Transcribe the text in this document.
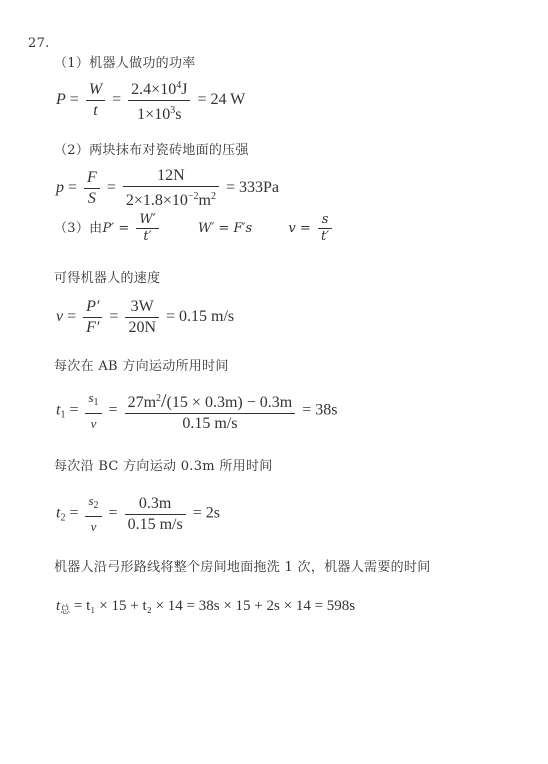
27.
（1）机器人做功的功率
$P = \frac{W}{t} = \frac{2.4\times 10^4J}{1\times 10^3s} = 24$ W
（2）两块抹布对瓷砖地面的压强
$p = \frac{F}{S} = \frac{12N}{2\times 1.8\times 10^{-2}m^2} = 333Pa$
（3）由$P' = \frac{W'}{t'}$	W′ = F′s	$v = \frac{s}{t'}$
可得机器人的速度
$v = \frac{P'}{F'} = \frac{3W}{20N} = 0.15$ m/s
每次在 AB 方向运动所用时间
$t_1 = \frac{s_1}{v} = \frac{27m^2/(15 \times 0.3m) - 0.3m}{0.15 m/s} = 38s$
每次沿 BC 方向运动 0.3m 所用时间
$t_2 = \frac{s_2}{v} = \frac{0.3m}{0.15 m/s} = 2s$
机器人沿弓形路线将整个房间地面拖洗 1 次，机器人需要的时间
$t_总 = t_1 \times 15 + t_2 \times 14 = 38s \times 15 + 2s \times 14 = 598s$
